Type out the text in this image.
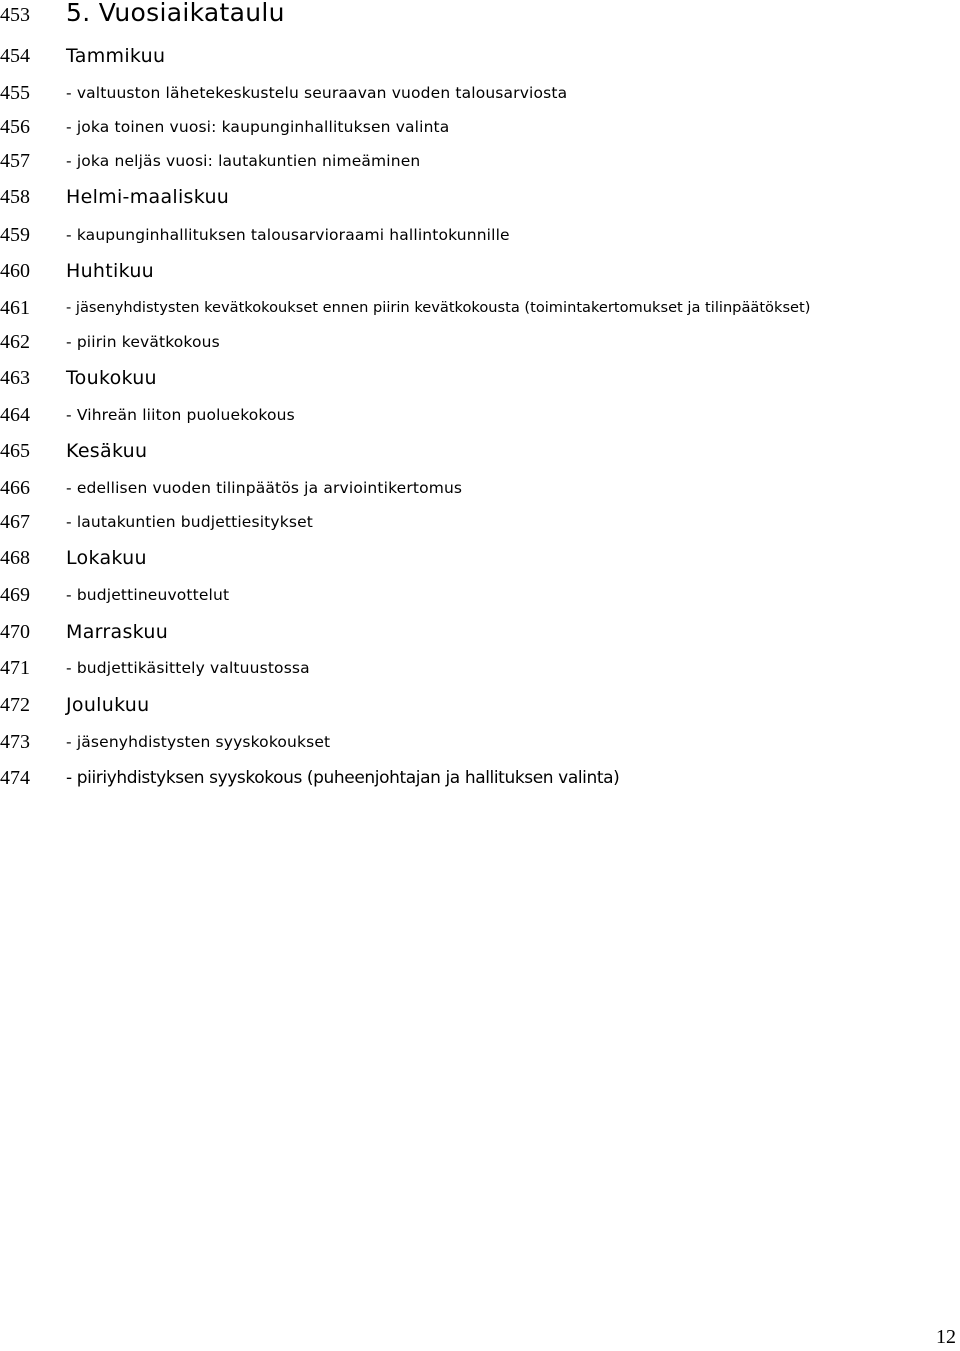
453	5. Vuosiaikataulu
454	Tammikuu
455	- valtuuston lähetekeskustelu seuraavan vuoden talousarviosta
456	- joka toinen vuosi: kaupunginhallituksen valinta
457	- joka neljäs vuosi: lautakuntien nimeäminen
458	Helmi-maaliskuu
459	- kaupunginhallituksen talousarvioraami hallintokunnille
460	Huhtikuu
461	- jäsenyhdistysten kevätkokoukset ennen piirin kevätkokousta (toimintakertomukset ja tilinpäätökset)
462	- piirin kevätkokous
463	Toukokuu
464	- Vihreän liiton puoluekokous
465	Kesäkuu
466	- edellisen vuoden tilinpäätös ja arviointikertomus
467	- lautakuntien budjettiesitykset
468	Lokakuu
469	- budjettineuvottelut
470	Marraskuu
471	- budjettikäsittely valtuustossa
472	Joulukuu
473	- jäsenyhdistysten syyskokoukset
474	- piiriyhdistyksen syyskokous (puheenjohtajan ja hallituksen valinta)
12
